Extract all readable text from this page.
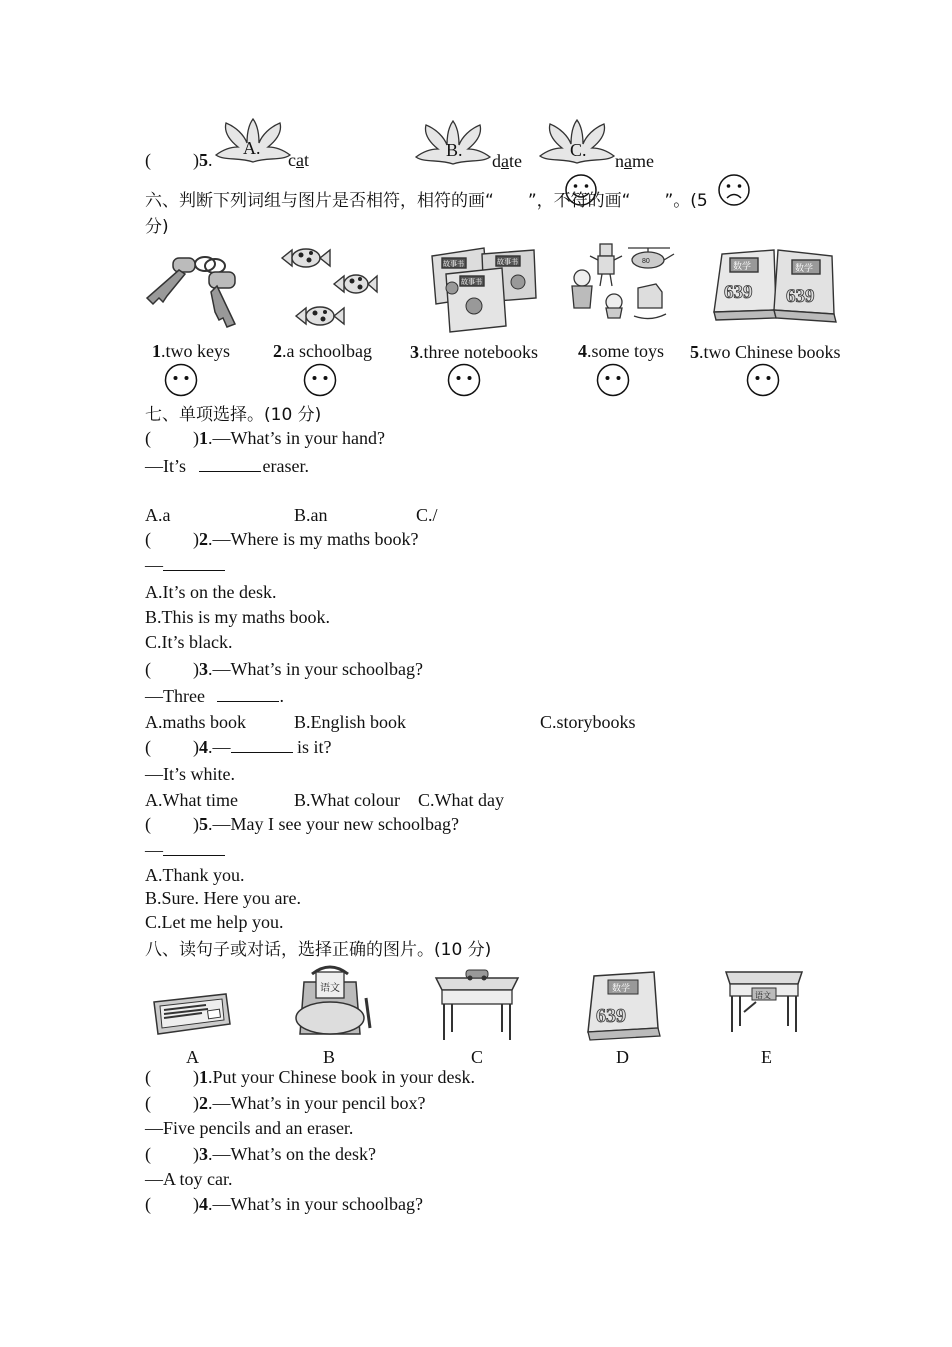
( )5.
A.
cat	B.
date
C.
name
六、判断下列词组与图片是否相符，相符的画“ ”，不符的画“ ”。(5
分)
故事书	故事书
故事书
80
数学	数学
639 639
1.two keys 2.a schoolbag 3.three notebooks 4.some toys 5.two Chinese books
七、单项选择。(10 分)
( )1.—What’s in your hand?
—It’s	eraser.
A.a	B.an	C./
( )2.—Where is my maths book?
—
A.It’s on the desk.
B.This is my maths book.
C.It’s black.
( )3.—What’s in your schoolbag?
—Three	.
A.maths book	B.English book	C.storybooks
( )4.—	is it?
—It’s white.
A.What time	B.What colour C.What day
( )5.—May I see your new schoolbag?
—
A.Thank you.
B.Sure. Here you are.
C.Let me help you.
八、读句子或对话，选择正确的图片。(10 分)
语文	数学
639
语文
A	B	C	D	E
( )1.Put your Chinese book in your desk.
( )2.—What’s in your pencil box?
—Five pencils and an eraser.
( )3.—What’s on the desk?
—A toy car.
( )4.—What’s in your schoolbag?
